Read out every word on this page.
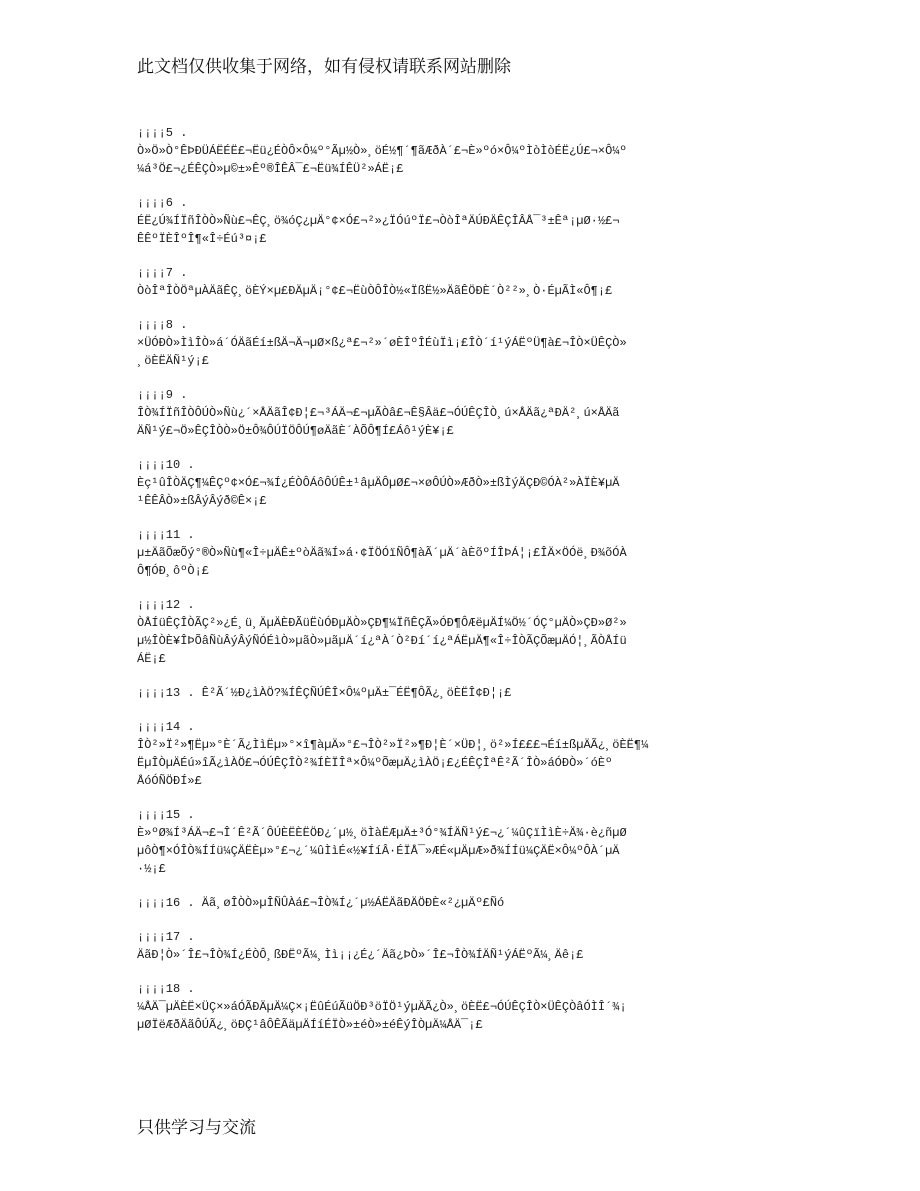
此文档仅供收集于网络，如有侵权请联系网站删除
¡¡¡¡5 .
Ò»Ö»Ò°ÊÞÐÜÁËÉË£¬Ëü¿ÉÒÔ×Ô¼º°Ãµ½Ò»¸öÉ½¶´¶ãÆðÀ´£¬È»ºó×Ô¼ºÌòÌòÉË¿Ú£¬×Ô¼º
¼á³Ö£¬¿ÉÊÇÒ»µ©±»Êº®ÎÊÂ¯£¬Ëü¾ÍÊÜ²»ÁË¡£
¡¡¡¡6 .
ÉË¿Ú¾ÍÏñÎÒÒ»Ñù£¬ÊÇ¸ö¾óÇ¿µÄ°¢×Ó£¬²»¿ÏÓúºÏ£¬ÒòÎªÄÚÐÄÊÇÎÂÅ¯³±Êª¡µØ·½£¬
ÊÊºÏÈÎºÎ¶«Î÷Éú³¤¡£
¡¡¡¡7 .
ÒòÎªÎÒÖªµÀÄãÊÇ¸öÈÝ×µ£ÐÄµÄ¡°¢£¬ËùÒÔÎÒ½«ÏßË½»ÄãÊÖÐÈ´Ò²²»¸Ò·ÉµÃÌ«Ô¶¡£
¡¡¡¡8 .
×ÜÓÐÒ»ÌìÎÒ»á´ÓÄãÉí±ßÄ¬Ä¬µØ×ß¿ª£¬²»´øÈÎºÎÉùÏì¡£ÎÒ´í¹ýÁËºÜ¶à£¬ÎÒ×ÜÊÇÒ»
¸öÈËÄÑ¹ý¡£
¡¡¡¡9 .
ÎÒ¾ÍÏñÎÒÔÚÒ»Ñù¿´×ÅÄãÎ¢Ð¦£¬³ÁÄ¬£¬µÃÒâ£¬Ê§Âä£¬ÓÚÊÇÎÒ¸ú×ÅÄã¿ªÐÄ²¸ú×ÅÄã
ÄÑ¹ý£¬Ö»ÊÇÎÒÒ»Ö±Ô¾ÔÚÏÖÔÚ¶øÄãÈ´ÀÕÔ¶Í£Áô¹ýÈ¥¡£
¡¡¡¡10 .
Èç¹ûÎÒÄÇ¶¼ÊÇº¢×Ó£¬¾Í¿ÉÒÔÁôÔÚÊ±¹âµÄÔµØ£¬×øÔÚÒ»ÆðÒ»±ßÌýÄÇÐ©ÓÀ²»ÀÏÈ¥µÄ
¹ÊÊÂÒ»±ßÂýÂýð©Ê×¡£
¡¡¡¡11 .
µ±ÄãÕæÕý°®Ò»Ñù¶«Î÷µÄÊ±ºòÄã¾Í»á·¢ÏÖÓïÑÔ¶àÃ´µÄ´àÈõºÍÎÞÁ¦¡£ÎÄ×ÖÓë¸Ð¾õÓÀ
Ô¶ÓÐ¸ôºÒ¡£
¡¡¡¡12 .
ÒÅÍüÊÇÎÒÃÇ²»¿É¸ü¸ÄµÄÈÐÃüËùÓÐµÄÒ»ÇÐ¶¼ÏñÊÇÃ»ÓÐ¶ÔÆëµÄÍ¼Ö½´ÓÇ°µÄÒ»ÇÐ»Ø²»
µ½ÎÒÈ¥ÎÞÕâÑùÂýÂýÑÓÉìÒ»µãÒ»µãµÄ´í¿ªÀ´Ò²Ðí´í¿ªÁËµÄ¶«Î÷ÎÒÃÇÕæµÄÓ¦¸ÃÒÅÍü
ÁË¡£
¡¡¡¡13 . Ê²Ã´½Ð¿ìÀÖ?¾ÍÊÇÑÚÊÎ×Ô¼ºµÄ±¯ÉË¶ÔÃ¿¸öÈËÎ¢Ð¦¡£
¡¡¡¡14 .
ÎÒ²»Ï²»¶Ëµ»°È´Ã¿ÌìËµ»°×î¶àµÄ»°£¬ÎÒ²»Ï²»¶Ð¦È´×ÜÐ¦¸ö²»Í£££¬Éí±ßµÄÃ¿¸öÈË¶¼
ËµÎÒµÄÉú»îÃ¿ìÀÖ£¬ÓÚÊÇÎÒ²¾ÍÈÏÎª×Ô¼ºÕæµÄ¿ìÀÖ¡£¿ÉÊÇÎªÊ²Ã´ÎÒ»áÓÐÒ»´óÈº
ÅóÓÑÖÐÍ»£
¡¡¡¡15 .
È»ºØ¾Í³ÁÄ¬£¬Î´Ê²Ã´ÔÚÈËÈËÖÐ¿´µ½¸öÌàËÆµÄ±³Ó°¾ÍÄÑ¹ý£¬¿´¼ûÇïÌìÈ÷Ä¾·è¿ñµØ
µôÒ¶×ÓÎÒ¾ÍÍü¼ÇÄËÈµ»°£¬¿´¼ûÌìÉ«½¥ÍíÂ·ÉÏÅ¯»ÆÉ«µÄµÆ»ð¾ÍÍü¼ÇÄË×Ô¼ºÔÀ´µÄ
·½¡£
¡¡¡¡16 . Äã¸øÎÒÒ»µÎÑÛÀá£¬ÎÒ¾Í¿´µ½ÁËÄãÐÄÖÐÈ«²¿µÄº£Ñó
¡¡¡¡17 .
ÄãÐ¦Ò»´Î£¬ÎÒ¾Í¿ÉÒÔ¸ßÐËºÃ¼¸Ìì¡¡¿É¿´Äã¿ÞÒ»´Î£¬ÎÒ¾ÍÄÑ¹ýÁËºÃ¼¸Äê¡£
¡¡¡¡18 .
¼ÅÄ¯µÄÈË×ÜÇ×»áÓÃÐÄµÄ¼Ç×¡ËûÉúÃüÖÐ³öÏÖ¹ýµÄÃ¿Ò»¸öÈË£¬ÓÚÊÇÎÒ×ÜÊÇÒâÓÌÎ´¾¡
µØÏëÆðÄãÔÚÃ¿¸öÐÇ¹âÔÊÃäµÄÍíÉÏÒ»±éÒ»±éÊýÎÒµÄ¼ÅÄ¯¡£
只供学习与交流
